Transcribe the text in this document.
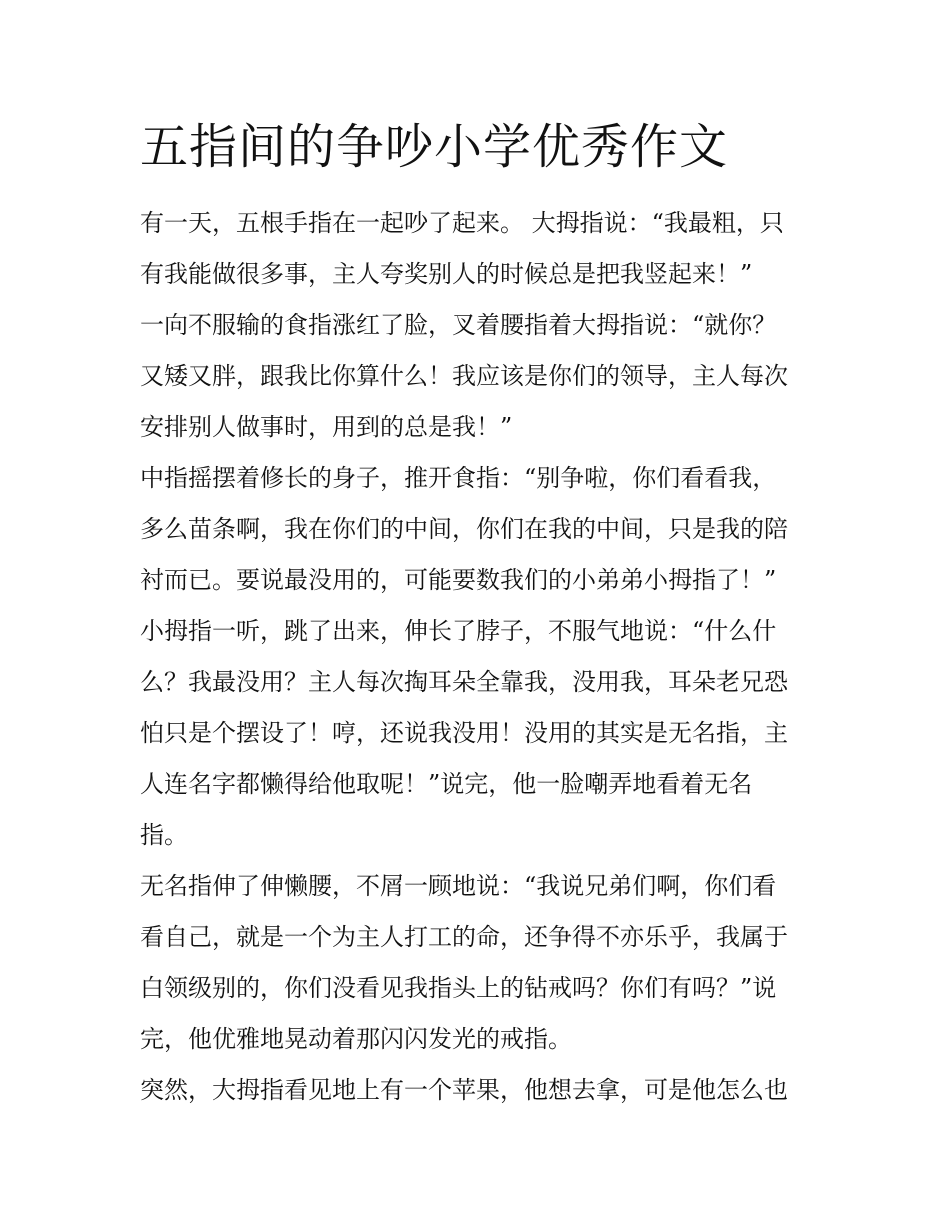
五指间的争吵小学优秀作文
有一天，五根手指在一起吵了起来。 大拇指说：“我最粗，只
有我能做很多事，主人夸奖别人的时候总是把我竖起来！”
一向不服输的食指涨红了脸，叉着腰指着大拇指说：“就你？
又矮又胖，跟我比你算什么！我应该是你们的领导，主人每次
安排别人做事时，用到的总是我！”
中指摇摆着修长的身子，推开食指：“别争啦，你们看看我，
多么苗条啊，我在你们的中间，你们在我的中间，只是我的陪
衬而已。要说最没用的，可能要数我们的小弟弟小拇指了！”
小拇指一听，跳了出来，伸长了脖子，不服气地说：“什么什
么？我最没用？主人每次掏耳朵全靠我，没用我，耳朵老兄恐
怕只是个摆设了！哼，还说我没用！没用的其实是无名指，主
人连名字都懒得给他取呢！”说完，他一脸嘲弄地看着无名
指。
无名指伸了伸懒腰，不屑一顾地说：“我说兄弟们啊，你们看
看自己，就是一个为主人打工的命，还争得不亦乐乎，我属于
白领级别的，你们没看见我指头上的钻戒吗？你们有吗？”说
完，他优雅地晃动着那闪闪发光的戒指。
突然，大拇指看见地上有一个苹果，他想去拿，可是他怎么也
